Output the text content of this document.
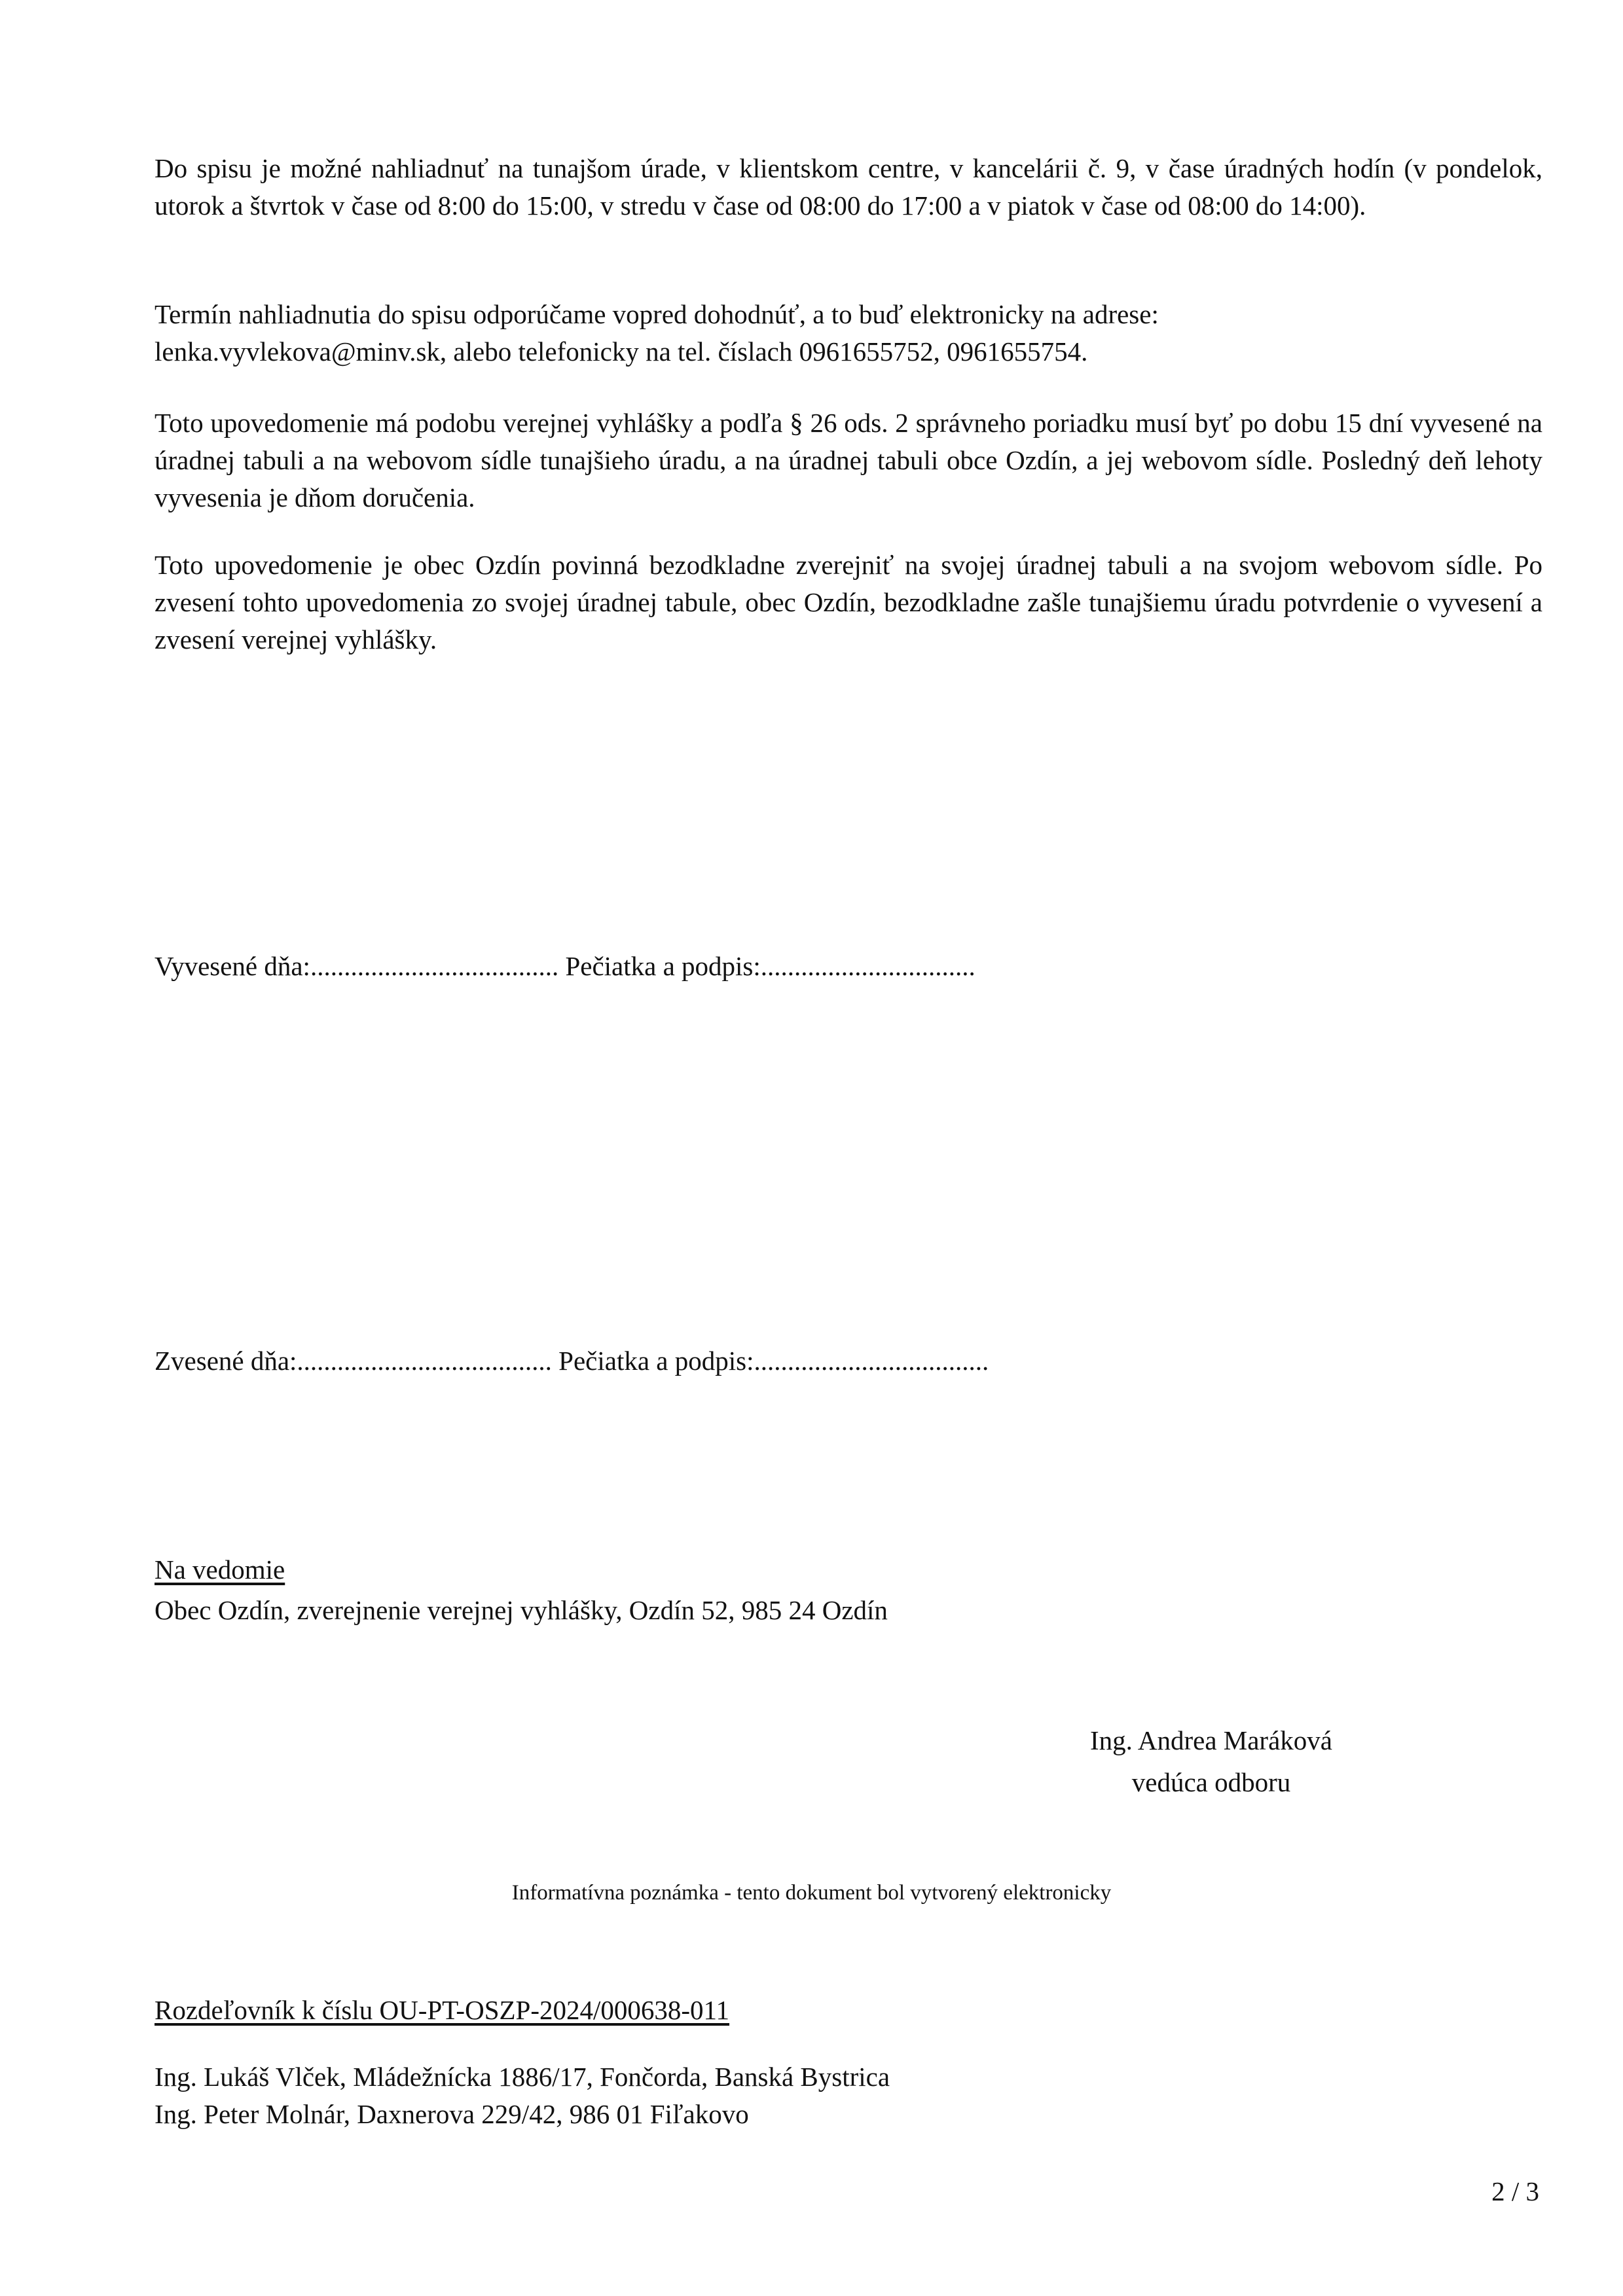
Do spisu je možné nahliadnuť na tunajšom úrade, v klientskom centre, v kancelárii č. 9, v čase úradných hodín (v pondelok, utorok a štvrtok v čase od 8:00 do 15:00, v stredu v čase od 08:00 do 17:00 a v piatok v čase od 08:00 do 14:00).

Termín nahliadnutia do spisu odporúčame vopred dohodnúť, a to buď elektronicky na adrese:

lenka.vyvlekova@minv.sk, alebo telefonicky na tel. číslach 0961655752, 0961655754.

Toto upovedomenie má podobu verejnej vyhlášky a podľa § 26 ods. 2 správneho poriadku musí byť po dobu 15 dní vyvesené na úradnej tabuli a na webovom sídle tunajšieho úradu, a na úradnej tabuli obce Ozdín, a jej webovom sídle. Posledný deň lehoty vyvesenia je dňom doručenia.

Toto upovedomenie je obec Ozdín povinná bezodkladne zverejniť na svojej úradnej tabuli a na svojom webovom sídle. Po zvesení tohto upovedomenia zo svojej úradnej tabule, obec Ozdín, bezodkladne zašle tunajšiemu úradu potvrdenie o vyvesení a zvesení verejnej vyhlášky.

Vyvesené dňa:..................................... Pečiatka a podpis:................................

Zvesené dňa:...................................... Pečiatka a podpis:...................................

Na vedomie

Obec Ozdín, zverejnenie verejnej vyhlášky, Ozdín 52, 985 24 Ozdín

Ing. Andrea Maráková
vedúca odboru
Informatívna poznámka - tento dokument bol vytvorený elektronicky

Rozdeľovník k číslu OU-PT-OSZP-2024/000638-011

Ing. Lukáš Vlček, Mládežnícka 1886/17, Fončorda, Banská Bystrica

Ing. Peter Molnár, Daxnerova 229/42, 986 01 Fiľakovo

2 / 3
